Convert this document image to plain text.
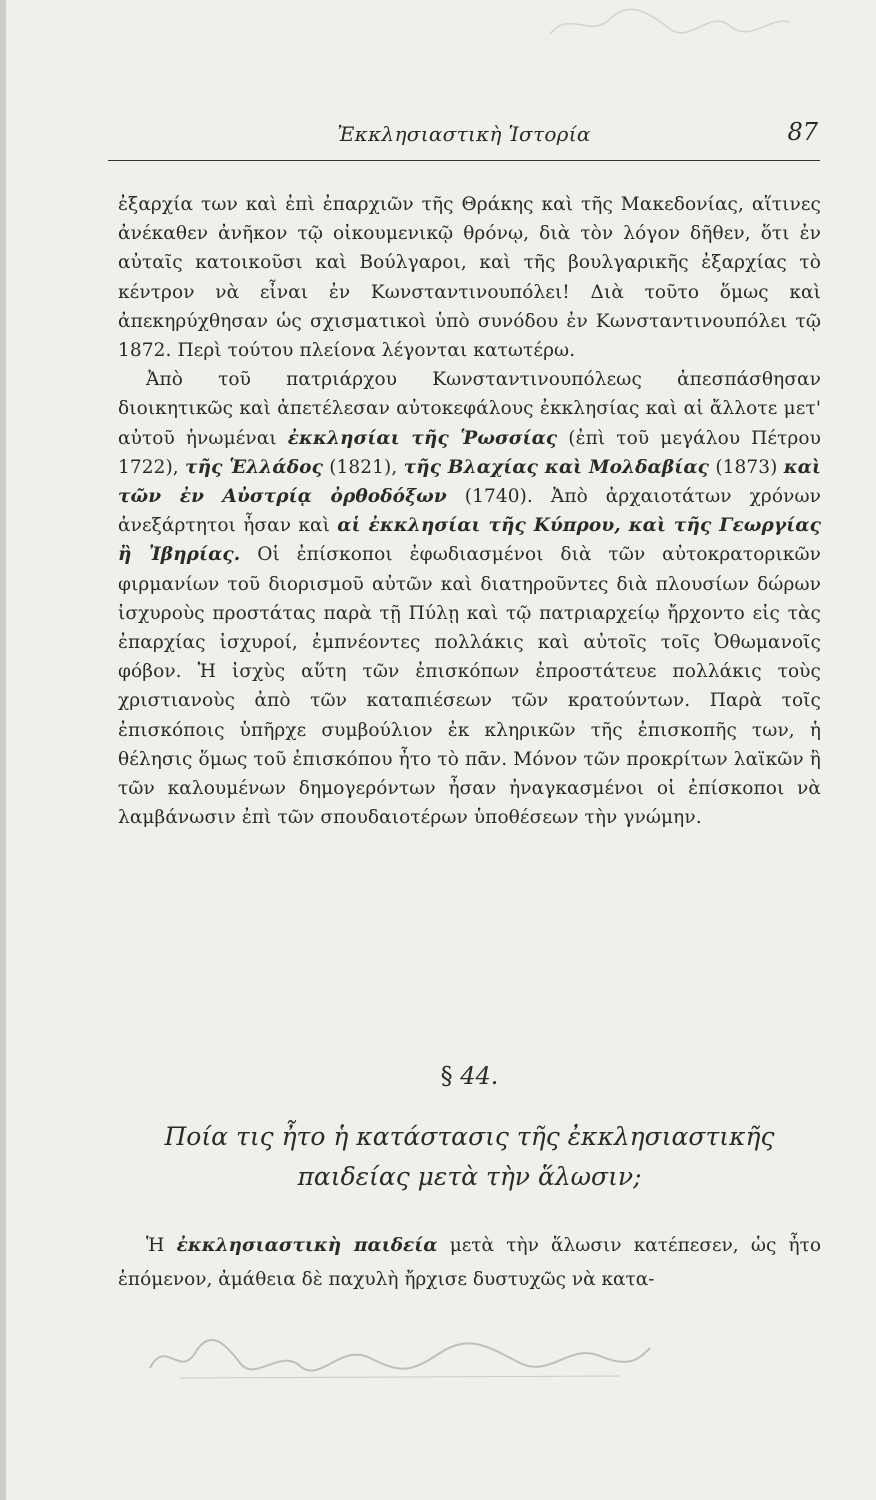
Ἐκκλησιαστικὴ Ἱστορία	87

ἐξαρχία των καὶ ἐπὶ ἐπαρχιῶν τῆς Θράκης καὶ τῆς Μακεδονίας, αἵτινες ἀνέκαθεν ἀνῆκον τῷ οἰκουμενικῷ θρόνῳ, διὰ τὸν λόγον δῆθεν, ὅτι ἐν αὐταῖς κατοικοῦσι καὶ Βούλγαροι, καὶ τῆς βουλγαρικῆς ἐξαρχίας τὸ κέντρον νὰ εἶναι ἐν Κωνσταντινουπόλει! Διὰ τοῦτο ὅμως καὶ ἀπεκηρύχθησαν ὡς σχισματικοὶ ὑπὸ συνόδου ἐν Κωνσταντινουπόλει τῷ 1872. Περὶ τούτου πλείονα λέγονται κατωτέρω.

Ἀπὸ τοῦ πατριάρχου Κωνσταντινουπόλεως ἀπεσπάσθησαν διοικητικῶς καὶ ἀπετέλεσαν αὐτοκεφάλους ἐκκλησίας καὶ αἱ ἄλλοτε μετ' αὐτοῦ ἡνωμέναι ἐκκλησίαι τῆς Ῥωσσίας (ἐπὶ τοῦ μεγάλου Πέτρου 1722), τῆς Ἑλλάδος (1821), τῆς Βλαχίας καὶ Μολδαβίας (1873) καὶ τῶν ἐν Αὐστρίᾳ ὀρθοδόξων (1740). Ἀπὸ ἀρχαιοτάτων χρόνων ἀνεξάρτητοι ἦσαν καὶ αἱ ἐκκλησίαι τῆς Κύπρου, καὶ τῆς Γεωργίας ἢ Ἰβηρίας. Οἱ ἐπίσκοποι ἐφωδιασμένοι διὰ τῶν αὐτοκρατορικῶν φιρμανίων τοῦ διορισμοῦ αὐτῶν καὶ διατηροῦντες διὰ πλουσίων δώρων ἰσχυροὺς προστάτας παρὰ τῇ Πύλῃ καὶ τῷ πατριαρχείῳ ἤρχοντο εἰς τὰς ἐπαρχίας ἰσχυροί, ἐμπνέοντες πολλάκις καὶ αὐτοῖς τοῖς Ὀθωμανοῖς φόβον. Ἡ ἰσχὺς αὕτη τῶν ἐπισκόπων ἐπροστάτευε πολλάκις τοὺς χριστιανοὺς ἀπὸ τῶν καταπιέσεων τῶν κρατούντων. Παρὰ τοῖς ἐπισκόποις ὑπῆρχε συμβούλιον ἐκ κληρικῶν τῆς ἐπισκοπῆς των, ἡ θέλησις ὅμως τοῦ ἐπισκόπου ἦτο τὸ πᾶν. Μόνον τῶν προκρίτων λαϊκῶν ἢ τῶν καλουμένων δημογερόντων ἦσαν ἠναγκασμένοι οἱ ἐπίσκοποι νὰ λαμβάνωσιν ἐπὶ τῶν σπουδαιοτέρων ὑποθέσεων τὴν γνώμην.

§ 44.
Ποία τις ἦτο ἡ κατάστασις τῆς ἐκκλησιαστικῆς
παιδείας μετὰ τὴν ἅλωσιν;
Ἡ ἐκκλησιαστικὴ παιδεία μετὰ τὴν ἅλωσιν κατέπεσεν, ὡς ἦτο ἑπόμενον, ἀμάθεια δὲ παχυλὴ ἤρχισε δυστυχῶς νὰ κατα-
